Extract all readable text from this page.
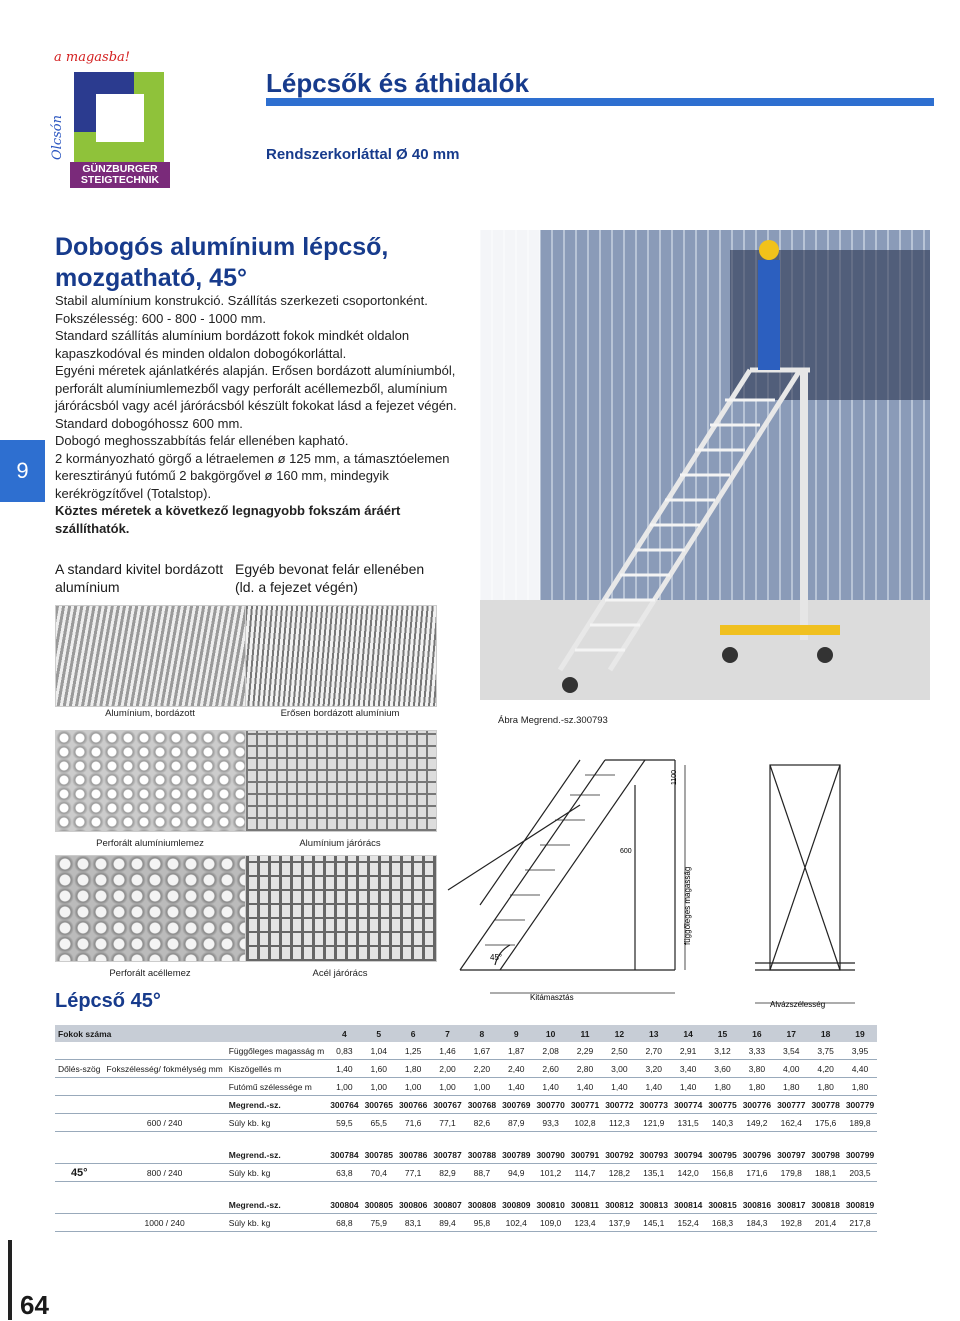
a magasba!
Olcsón
GÜNZBURGER STEIGTECHNIK
Lépcsők és áthidalók
Rendszerkorláttal Ø 40 mm
9
Dobogós alumínium lépcső,
mozgatható, 45°

Stabil alumínium konstrukció. Szállítás szerkezeti csoportonként.

Fokszélesség: 600 - 800 - 1000 mm.

Standard szállítás alumínium bordázott fokok mindkét oldalon kapaszkodóval és minden oldalon dobogókorláttal.

Egyéni méretek ajánlatkérés alapján. Erősen bordázott alumíniumból, perforált alumíniumlemezből vagy perforált acéllemezből, alumínium járórácsból vagy acél járórácsból készült fokokat lásd a fejezet végén.

Standard dobogóhossz 600 mm.

Dobogó meghosszabbítás felár ellenében kapható.

2 kormányozható görgő a létraelemen ø 125 mm, a támasztóelemen keresztirányú futómű 2 bakgörgővel ø 160 mm, mindegyik kerékrögzítővel (Totalstop).

Köztes méretek a következő legnagyobb fokszám áráért szállíthatók.

A standard kivitel bordázott alumínium
Egyéb bevonat felár ellenében (ld. a fejezet végén)
Alumínium, bordázott	Erősen bordázott alumínium
Perforált alumíniumlemez	Alumínium járórács
Perforált acéllemez	Acél járórács
Ábra Megrend.-sz.300793
1100
600
45°
függőleges magasság
Kitámasztás
Alvázszélesség
Lépcső 45°
Fokok száma			4	5	6	7	8	9	10	11	12	13	14	15	16	17	18	19
		Függőleges magasság m	0,83	1,04	1,25	1,46	1,67	1,87	2,08	2,29	2,50	2,70	2,91	3,12	3,33	3,54	3,75	3,95
Dőlés-szög	Fokszélesség/ fokmélység mm	Kiszögellés m	1,40	1,60	1,80	2,00	2,20	2,40	2,60	2,80	3,00	3,20	3,40	3,60	3,80	4,00	4,20	4,40
		Futómű szélessége m	1,00	1,00	1,00	1,00	1,00	1,40	1,40	1,40	1,40	1,40	1,40	1,80	1,80	1,80	1,80	1,80
		Megrend.-sz.	300764	300765	300766	300767	300768	300769	300770	300771	300772	300773	300774	300775	300776	300777	300778	300779
	600 / 240	Súly kb. kg	59,5	65,5	71,6	77,1	82,6	87,9	93,3	102,8	112,3	121,9	131,5	140,3	149,2	162,4	175,6	189,8

		Megrend.-sz.	300784	300785	300786	300787	300788	300789	300790	300791	300792	300793	300794	300795	300796	300797	300798	300799
45°	800 / 240	Súly kb. kg	63,8	70,4	77,1	82,9	88,7	94,9	101,2	114,7	128,2	135,1	142,0	156,8	171,6	179,8	188,1	203,5

		Megrend.-sz.	300804	300805	300806	300807	300808	300809	300810	300811	300812	300813	300814	300815	300816	300817	300818	300819
	1000 / 240	Súly kb. kg	68,8	75,9	83,1	89,4	95,8	102,4	109,0	123,4	137,9	145,1	152,4	168,3	184,3	192,8	201,4	217,8
64
